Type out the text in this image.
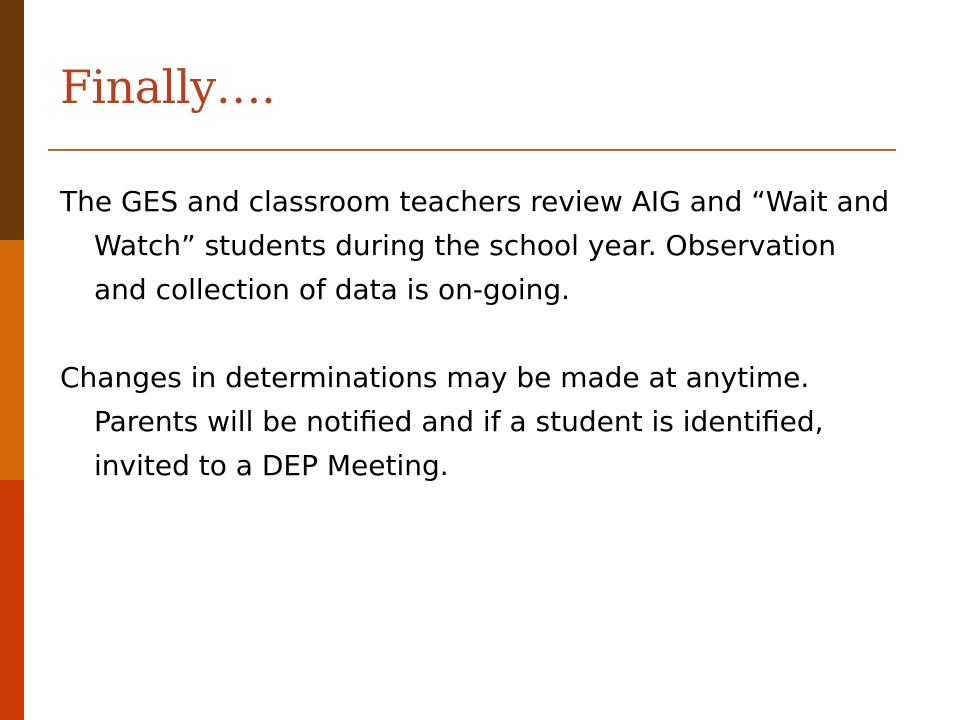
Finally….

The GES and classroom teachers review AIG and “Wait and Watch” students during the school year. Observation and collection of data is on-going.

Changes in determinations may be made at anytime. Parents will be notified and if a student is identified, invited to a DEP Meeting.
